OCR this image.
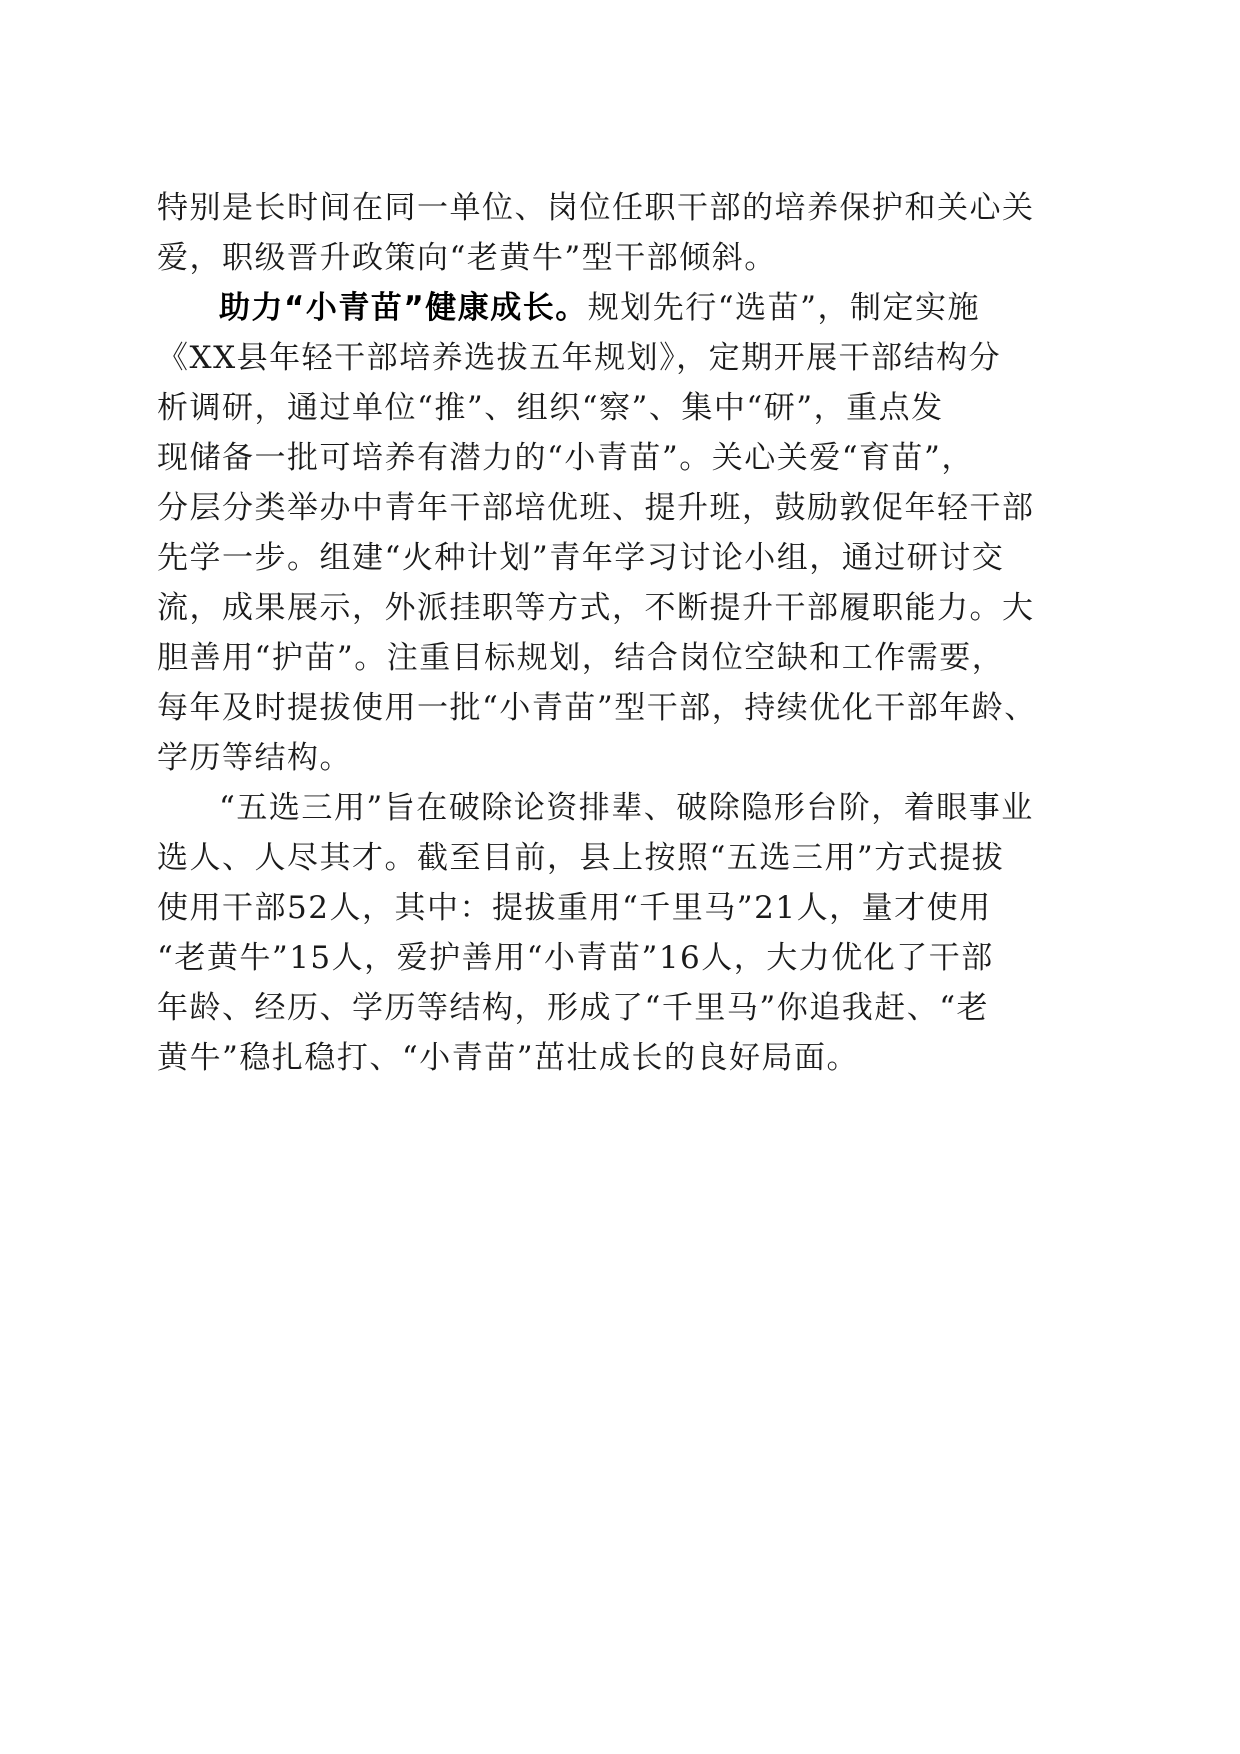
特别是长时间在同一单位、岗位任职干部的培养保护和关心关
爱，职级晋升政策向“老黄牛”型干部倾斜。
助力“小青苗”健康成长。规划先行“选苗”，制定实施
《XX县年轻干部培养选拔五年规划》，定期开展干部结构分
析调研，通过单位“推”、组织“察”、集中“研”，重点发
现储备一批可培养有潜力的“小青苗”。关心关爱“育苗”，
分层分类举办中青年干部培优班、提升班，鼓励敦促年轻干部
先学一步。组建“火种计划”青年学习讨论小组，通过研讨交
流，成果展示，外派挂职等方式，不断提升干部履职能力。大
胆善用“护苗”。注重目标规划，结合岗位空缺和工作需要，
每年及时提拔使用一批“小青苗”型干部，持续优化干部年龄、
学历等结构。
“五选三用”旨在破除论资排辈、破除隐形台阶，着眼事业
选人、人尽其才。截至目前，县上按照“五选三用”方式提拔
使用干部52人，其中：提拔重用“千里马”21人，量才使用
“老黄牛”15人，爱护善用“小青苗”16人，大力优化了干部
年龄、经历、学历等结构，形成了“千里马”你追我赶、“老
黄牛”稳扎稳打、“小青苗”茁壮成长的良好局面。
